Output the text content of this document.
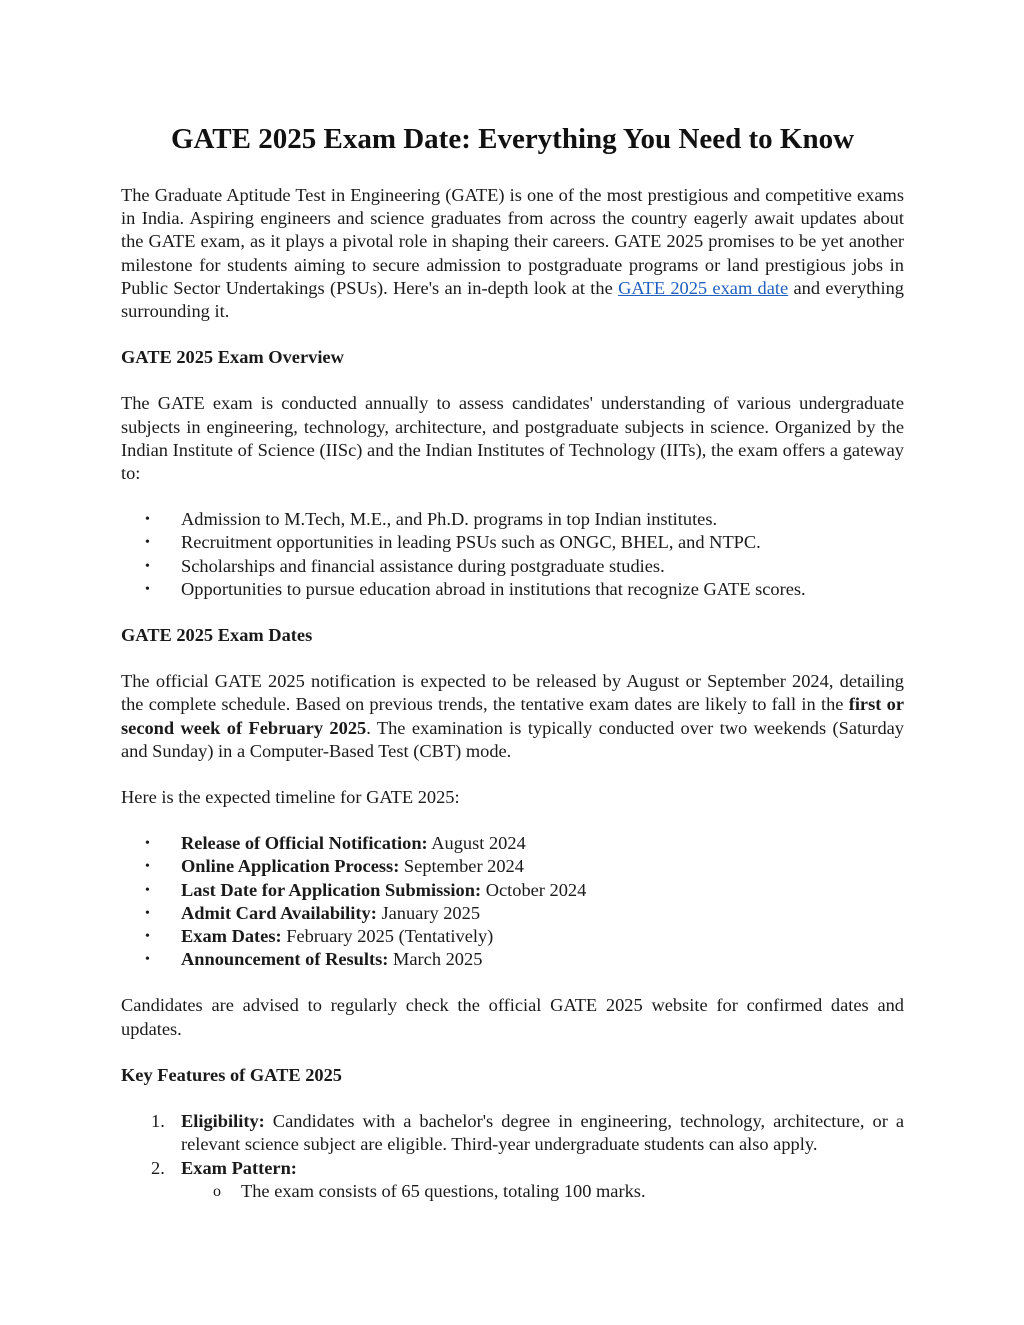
GATE 2025 Exam Date: Everything You Need to Know

The Graduate Aptitude Test in Engineering (GATE) is one of the most prestigious and competitive exams in India. Aspiring engineers and science graduates from across the country eagerly await updates about the GATE exam, as it plays a pivotal role in shaping their careers. GATE 2025 promises to be yet another milestone for students aiming to secure admission to postgraduate programs or land prestigious jobs in Public Sector Undertakings (PSUs). Here's an in-depth look at the GATE 2025 exam date and everything surrounding it.

GATE 2025 Exam Overview

The GATE exam is conducted annually to assess candidates' understanding of various undergraduate subjects in engineering, technology, architecture, and postgraduate subjects in science. Organized by the Indian Institute of Science (IISc) and the Indian Institutes of Technology (IITs), the exam offers a gateway to:

• Admission to M.Tech, M.E., and Ph.D. programs in top Indian institutes.
• Recruitment opportunities in leading PSUs such as ONGC, BHEL, and NTPC.
• Scholarships and financial assistance during postgraduate studies.
• Opportunities to pursue education abroad in institutions that recognize GATE scores.
GATE 2025 Exam Dates

The official GATE 2025 notification is expected to be released by August or September 2024, detailing the complete schedule. Based on previous trends, the tentative exam dates are likely to fall in the first or second week of February 2025. The examination is typically conducted over two weekends (Saturday and Sunday) in a Computer-Based Test (CBT) mode.

Here is the expected timeline for GATE 2025:

• Release of Official Notification: August 2024
• Online Application Process: September 2024
• Last Date for Application Submission: October 2024
• Admit Card Availability: January 2025
• Exam Dates: February 2025 (Tentatively)
• Announcement of Results: March 2025

Candidates are advised to regularly check the official GATE 2025 website for confirmed dates and updates.

Key Features of GATE 2025
1. Eligibility: Candidates with a bachelor's degree in engineering, technology, architecture, or a relevant science subject are eligible. Third-year undergraduate students can also apply.
2. Exam Pattern:
o The exam consists of 65 questions, totaling 100 marks.
